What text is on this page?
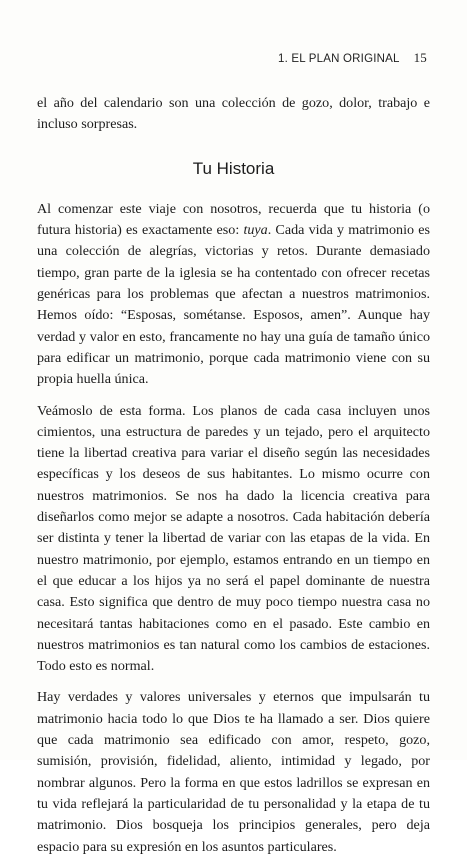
1. EL PLAN ORIGINAL 15

el año del calendario son una colección de gozo, dolor, trabajo e incluso sorpresas.

Tu Historia

Al comenzar este viaje con nosotros, recuerda que tu historia (o futura historia) es exactamente eso: tuya. Cada vida y matrimonio es una colección de alegrías, victorias y retos. Durante demasiado tiempo, gran parte de la iglesia se ha contentado con ofrecer recetas genéricas para los problemas que afectan a nuestros matrimonios. Hemos oído: “Esposas, sométanse. Esposos, amen”. Aunque hay verdad y valor en esto, francamente no hay una guía de tamaño único para edificar un matrimonio, porque cada matrimonio viene con su propia huella única.

Veámoslo de esta forma. Los planos de cada casa incluyen unos cimientos, una estructura de paredes y un tejado, pero el arquitecto tiene la libertad creativa para variar el diseño según las necesidades específicas y los deseos de sus habitantes. Lo mismo ocurre con nuestros matrimonios. Se nos ha dado la licencia creativa para diseñarlos como mejor se adapte a nosotros. Cada habitación debería ser distinta y tener la libertad de variar con las etapas de la vida. En nuestro matrimonio, por ejemplo, estamos entrando en un tiempo en el que educar a los hijos ya no será el papel dominante de nuestra casa. Esto significa que dentro de muy poco tiempo nuestra casa no necesitará tantas habitaciones como en el pasado. Este cambio en nuestros matrimonios es tan natural como los cambios de estaciones. Todo esto es normal.

Hay verdades y valores universales y eternos que impulsarán tu matrimonio hacia todo lo que Dios te ha llamado a ser. Dios quiere que cada matrimonio sea edificado con amor, respeto, gozo, sumisión, provisión, fidelidad, aliento, intimidad y legado, por nombrar algunos. Pero la forma en que estos ladrillos se expresan en tu vida reflejará la particularidad de tu personalidad y la etapa de tu matrimonio. Dios bosqueja los principios generales, pero deja espacio para su expresión en los asuntos particulares.
